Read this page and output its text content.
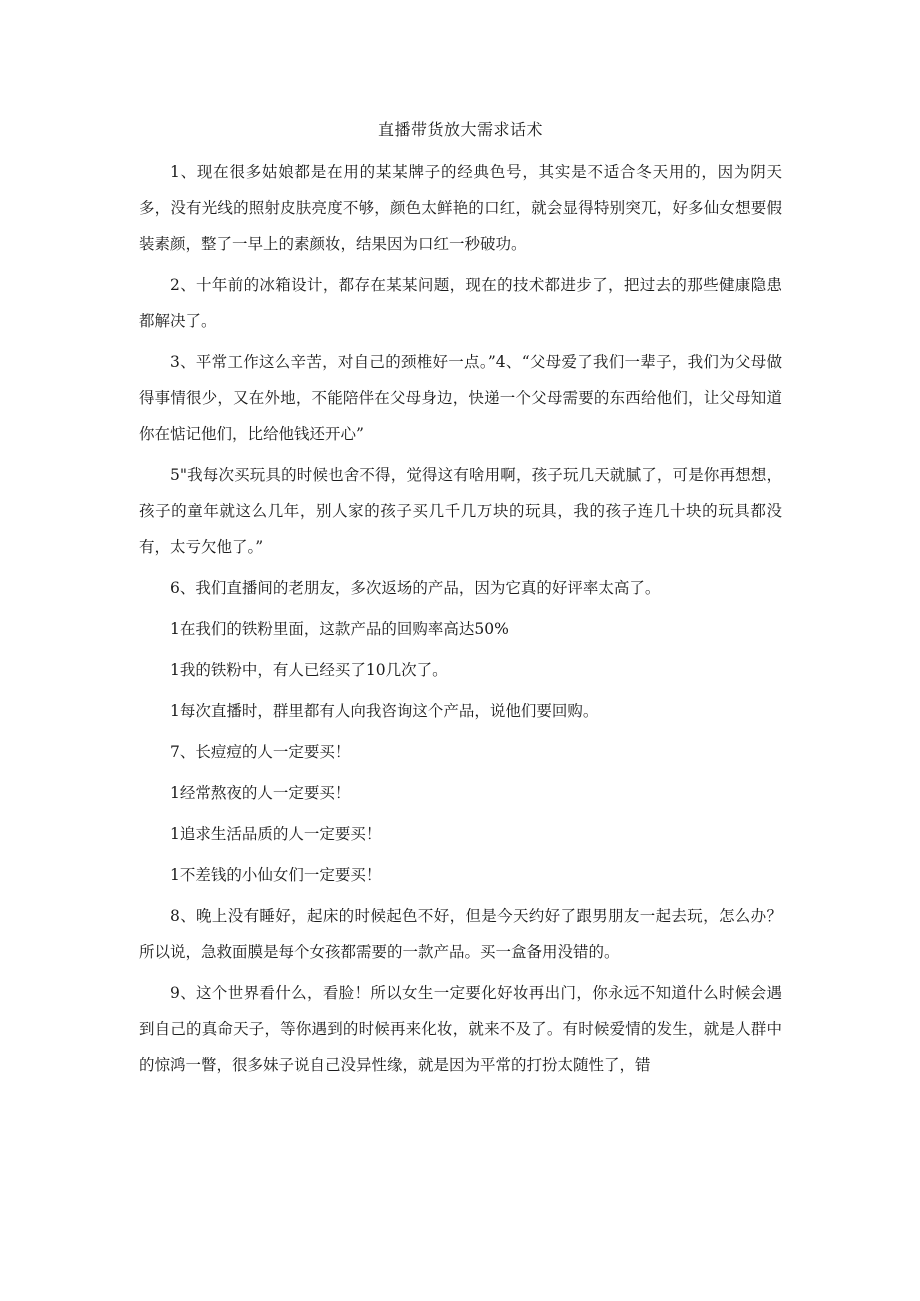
直播带货放大需求话术

1、现在很多姑娘都是在用的某某牌子的经典色号，其实是不适合冬天用的，因为阴天多，没有光线的照射皮肤亮度不够，颜色太鲜艳的口红，就会显得特别突兀，好多仙女想要假装素颜，整了一早上的素颜妆，结果因为口红一秒破功。

2、十年前的冰箱设计，都存在某某问题，现在的技术都进步了，把过去的那些健康隐患都解决了。

3、平常工作这么辛苦，对自己的颈椎好一点。”4、“父母爱了我们一辈子，我们为父母做得事情很少，又在外地，不能陪伴在父母身边，快递一个父母需要的东西给他们，让父母知道你在惦记他们，比给他钱还开心”

5"我每次买玩具的时候也舍不得，觉得这有啥用啊，孩子玩几天就腻了，可是你再想想，孩子的童年就这么几年，别人家的孩子买几千几万块的玩具，我的孩子连几十块的玩具都没有，太亏欠他了。”

6、我们直播间的老朋友，多次返场的产品，因为它真的好评率太高了。

1在我们的铁粉里面，这款产品的回购率高达50%

1我的铁粉中，有人已经买了10几次了。

1每次直播时，群里都有人向我咨询这个产品，说他们要回购。

7、长痘痘的人一定要买！

1经常熬夜的人一定要买！

1追求生活品质的人一定要买！

1不差钱的小仙女们一定要买！

8、晚上没有睡好，起床的时候起色不好，但是今天约好了跟男朋友一起去玩，怎么办？所以说，急救面膜是每个女孩都需要的一款产品。买一盒备用没错的。

9、这个世界看什么，看脸！所以女生一定要化好妆再出门，你永远不知道什么时候会遇到自己的真命天子，等你遇到的时候再来化妆，就来不及了。有时候爱情的发生，就是人群中的惊鸿一瞥，很多妹子说自己没异性缘，就是因为平常的打扮太随性了，错
